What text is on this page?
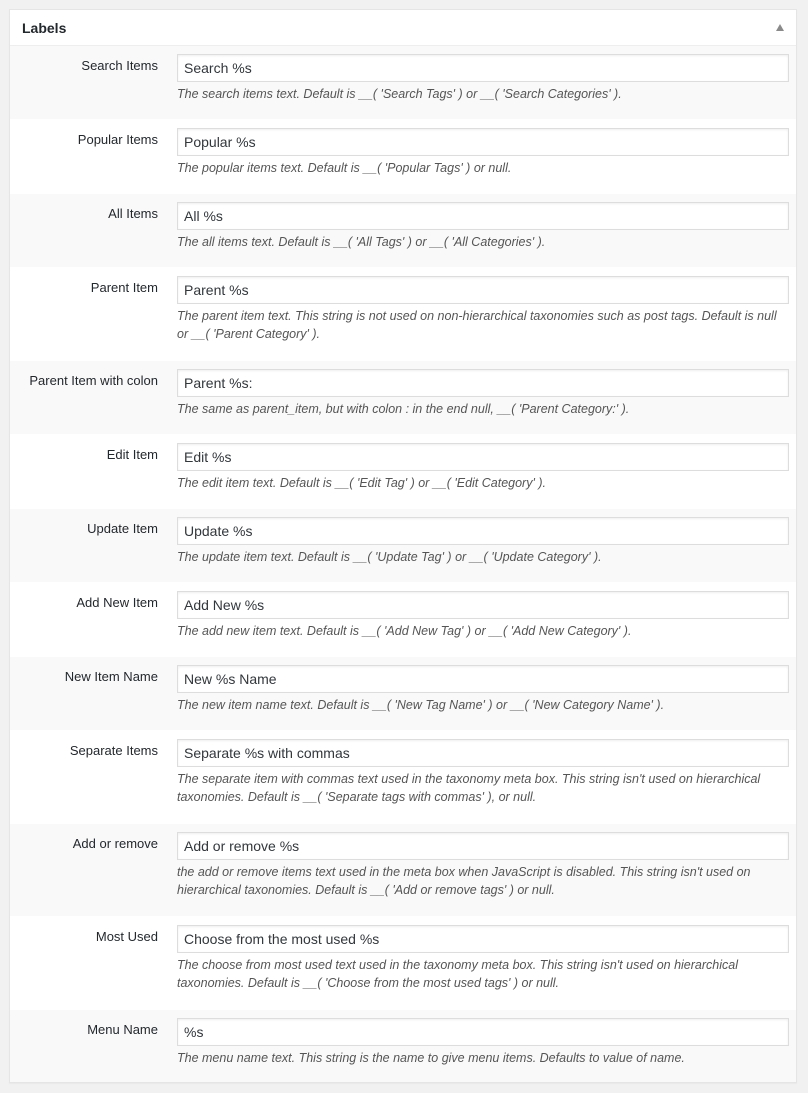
Labels
Search Items
Search %s

The search items text. Default is __( 'Search Tags' ) or __( 'Search Categories' ).

Popular Items
Popular %s

The popular items text. Default is __( 'Popular Tags' ) or null.

All Items
All %s

The all items text. Default is __( 'All Tags' ) or __( 'All Categories' ).

Parent Item
Parent %s

The parent item text. This string is not used on non-hierarchical taxonomies such as post tags. Default is null or __( 'Parent Category' ).

Parent Item with colon
Parent %s:

The same as parent_item, but with colon : in the end null, __( 'Parent Category:' ).

Edit Item
Edit %s

The edit item text. Default is __( 'Edit Tag' ) or __( 'Edit Category' ).

Update Item
Update %s

The update item text. Default is __( 'Update Tag' ) or __( 'Update Category' ).

Add New Item
Add New %s

The add new item text. Default is __( 'Add New Tag' ) or __( 'Add New Category' ).

New Item Name
New %s Name

The new item name text. Default is __( 'New Tag Name' ) or __( 'New Category Name' ).

Separate Items
Separate %s with commas

The separate item with commas text used in the taxonomy meta box. This string isn't used on hierarchical taxonomies. Default is __( 'Separate tags with commas' ), or null.

Add or remove
Add or remove %s

the add or remove items text used in the meta box when JavaScript is disabled. This string isn't used on hierarchical taxonomies. Default is __( 'Add or remove tags' ) or null.

Most Used
Choose from the most used %s

The choose from most used text used in the taxonomy meta box. This string isn't used on hierarchical taxonomies. Default is __( 'Choose from the most used tags' ) or null.

Menu Name
%s

The menu name text. This string is the name to give menu items. Defaults to value of name.
